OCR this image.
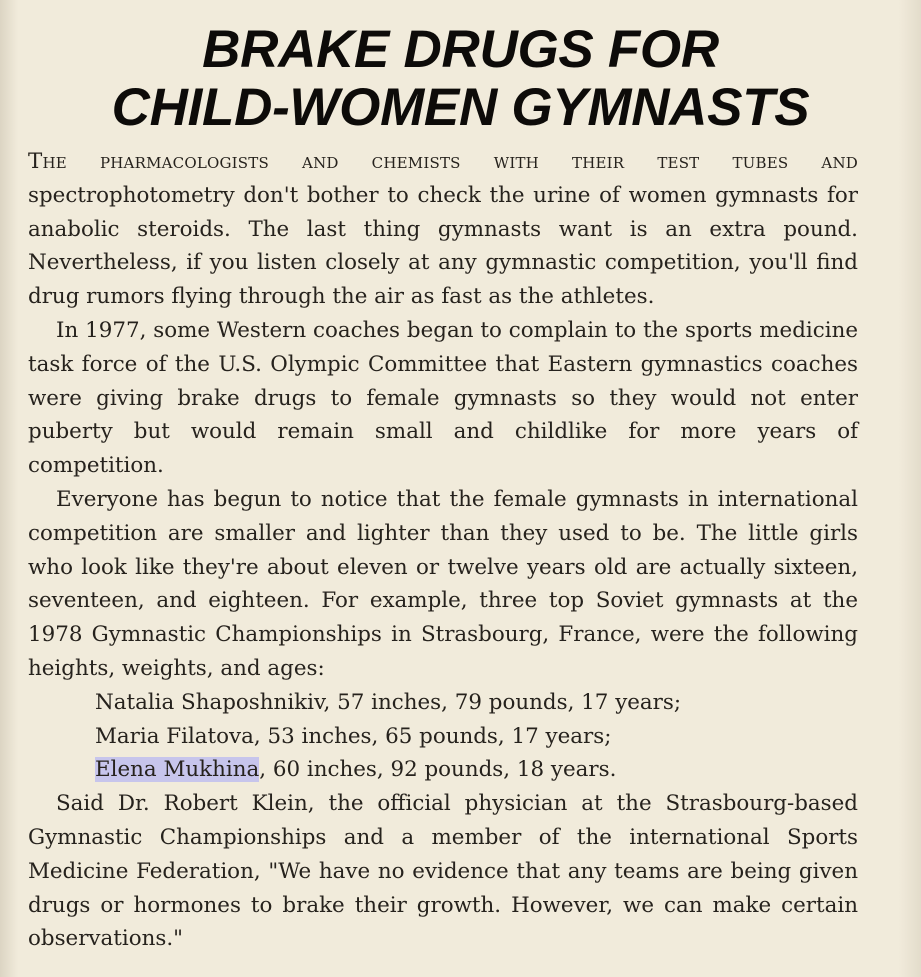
BRAKE DRUGS FOR
CHILD-WOMEN GYMNASTS

The pharmacologists and chemists with their test tubes and spectrophotometry don't bother to check the urine of women gymnasts for anabolic steroids. The last thing gymnasts want is an extra pound. Nevertheless, if you listen closely at any gymnastic competition, you'll find drug rumors flying through the air as fast as the athletes.

In 1977, some Western coaches began to complain to the sports medicine task force of the U.S. Olympic Committee that Eastern gymnastics coaches were giving brake drugs to female gymnasts so they would not enter puberty but would remain small and childlike for more years of competition.

Everyone has begun to notice that the female gymnasts in international competition are smaller and lighter than they used to be. The little girls who look like they're about eleven or twelve years old are actually sixteen, seventeen, and eighteen. For example, three top Soviet gymnasts at the 1978 Gymnastic Championships in Strasbourg, France, were the following heights, weights, and ages:

Natalia Shaposhnikiv, 57 inches, 79 pounds, 17 years;
Maria Filatova, 53 inches, 65 pounds, 17 years;
Elena Mukhina, 60 inches, 92 pounds, 18 years.

Said Dr. Robert Klein, the official physician at the Strasbourg-based Gymnastic Championships and a member of the international Sports Medicine Federation, "We have no evidence that any teams are being given drugs or hormones to brake their growth. However, we can make certain observations."
